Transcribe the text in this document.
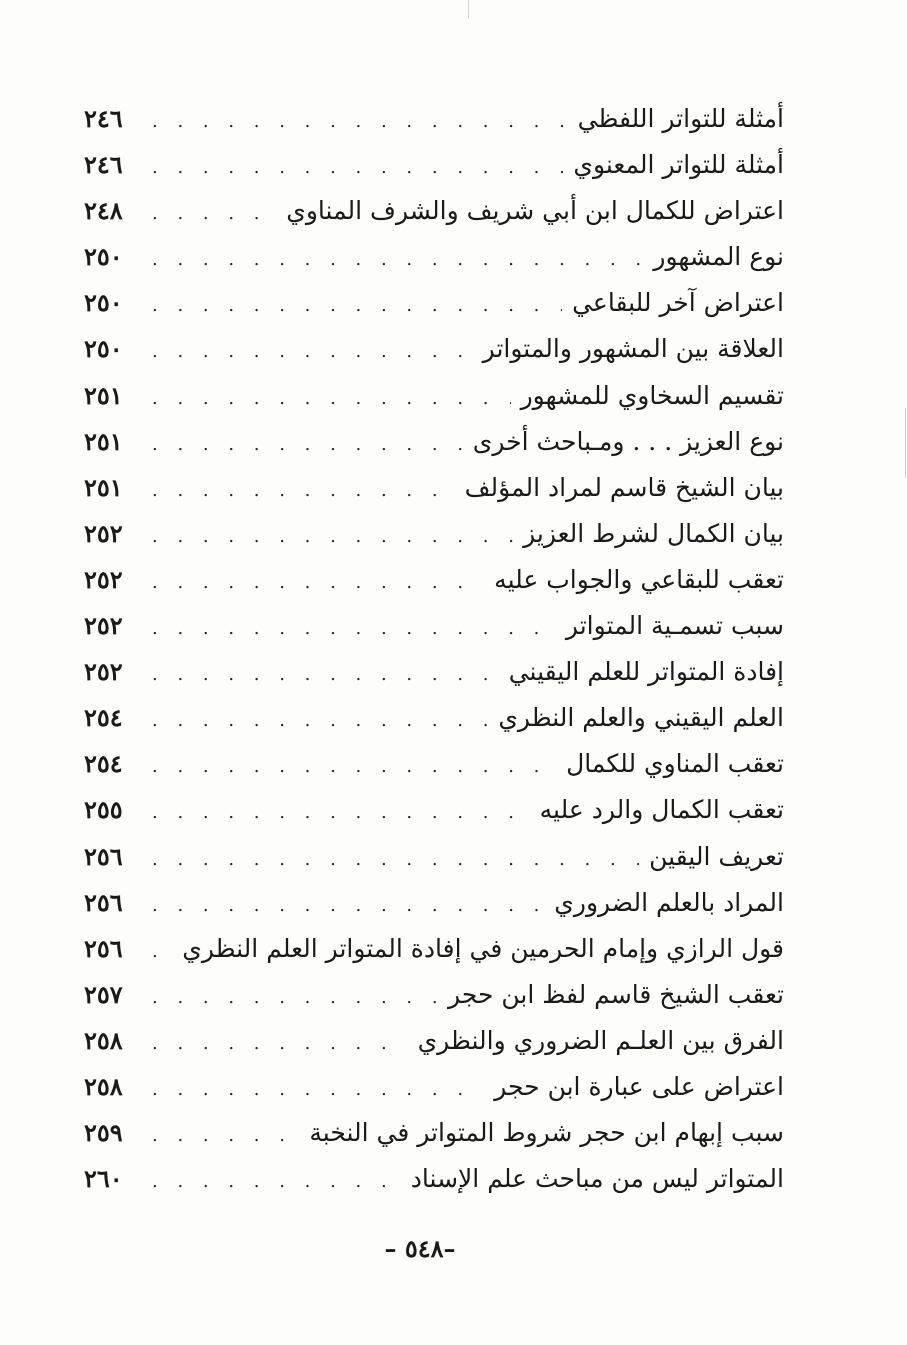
أمثلة للتواتر اللفظي
. . .
٢٤٦
أمثلة للتواتر المعنوي
. . .
٢٤٦
اعتراض للكمال ابن أبي شريف والشرف المناوي
. . .
٢٤٨
نوع المشهور
. . .
٢٥٠
اعتراض آخر للبقاعي
. . .
٢٥٠
العلاقة بين المشهور والمتواتر
. . .
٢٥٠
تقسيم السخاوي للمشهور
. . .
٢٥١
نوع العزيز . . . ومـباحث أخرى
. . .
٢٥١
بيان الشيخ قاسم لمراد المؤلف
. . .
٢٥١
بيان الكمال لشرط العزيز
. . .
٢٥٢
تعقب للبقاعي والجواب عليه
. . .
٢٥٢
سبب تسمـية المتواتر
. . .
٢٥٢
إفادة المتواتر للعلم اليقيني
. . .
٢٥٢
العلم اليقيني والعلم النظري
. . .
٢٥٤
تعقب المناوي للكمال
. . .
٢٥٤
تعقب الكمال والرد عليه
. . .
٢٥٥
تعريف اليقين
. . .
٢٥٦
المراد بالعلم الضروري
. . .
٢٥٦
قول الرازي وإمام الحرمين في إفادة المتواتر العلم النظري
. . .
٢٥٦
تعقب الشيخ قاسم لفظ ابن حجر
. . .
٢٥٧
الفرق بين العلـم الضروري والنظري
. . .
٢٥٨
اعتراض على عبارة ابن حجر
. . .
٢٥٨
سبب إبهام ابن حجر شروط المتواتر في النخبة
. . .
٢٥٩
المتواتر ليس من مباحث علم الإسناد
. . .
٢٦٠
– ٥٤٨–
